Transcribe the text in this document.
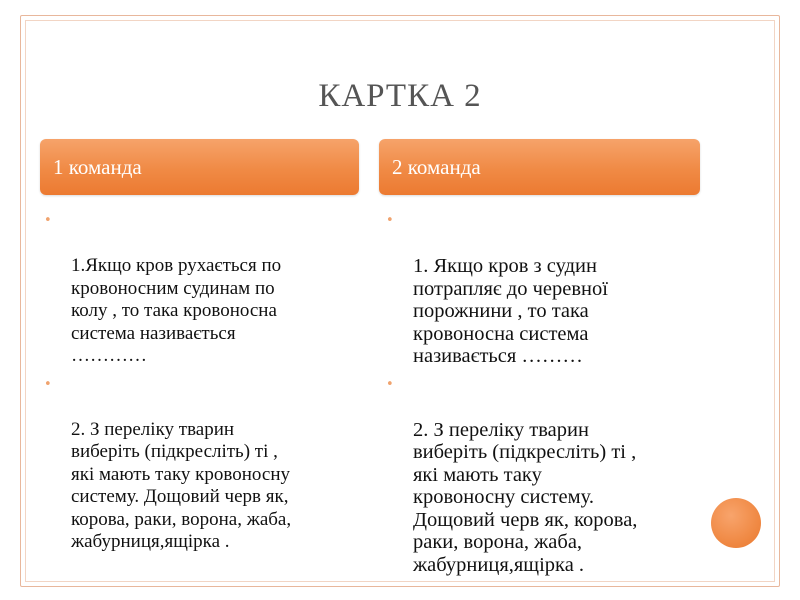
КАРТКА 2
1 команда	2 команда

•

1.Якщо кров рухається по
кровоносним судинам по
колу , то така кровоносна
система називається
…………

•

2. З переліку тварин
виберіть (підкресліть) ті ,
які мають таку кровоносну
систему. Дощовий черв як,
корова, раки, ворона, жаба,
жабурниця,ящірка .

•

1. Якщо кров з судин
потрапляє до черевної
порожнини , то така
кровоносна система
називається ………

•

2. З переліку тварин
виберіть (підкресліть) ті ,
які мають таку
кровоносну систему.
Дощовий черв як, корова,
раки, ворона, жаба,
жабурниця,ящірка .
